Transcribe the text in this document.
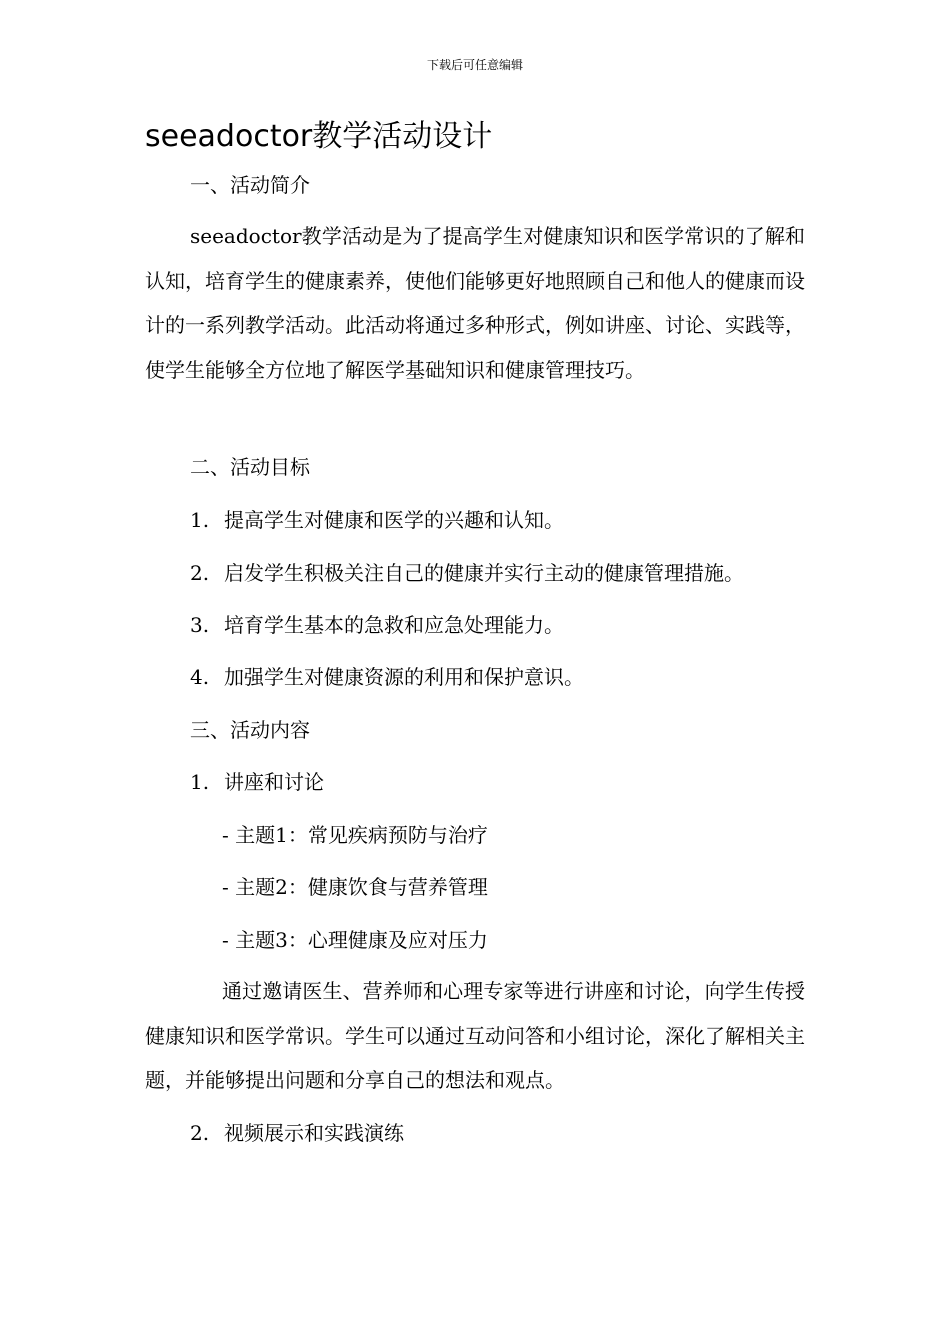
下载后可任意编辑
seeadoctor教学活动设计
一、活动简介

seeadoctor教学活动是为了提高学生对健康知识和医学常识的了解和认知，培育学生的健康素养，使他们能够更好地照顾自己和他人的健康而设计的一系列教学活动。此活动将通过多种形式，例如讲座、讨论、实践等，使学生能够全方位地了解医学基础知识和健康管理技巧。

二、活动目标
1. 提高学生对健康和医学的兴趣和认知。
2. 启发学生积极关注自己的健康并实行主动的健康管理措施。
3. 培育学生基本的急救和应急处理能力。
4. 加强学生对健康资源的利用和保护意识。
三、活动内容
1. 讲座和讨论
- 主题1：常见疾病预防与治疗
- 主题2：健康饮食与营养管理
- 主题3：心理健康及应对压力

通过邀请医生、营养师和心理专家等进行讲座和讨论，向学生传授健康知识和医学常识。学生可以通过互动问答和小组讨论，深化了解相关主题，并能够提出问题和分享自己的想法和观点。

2. 视频展示和实践演练
